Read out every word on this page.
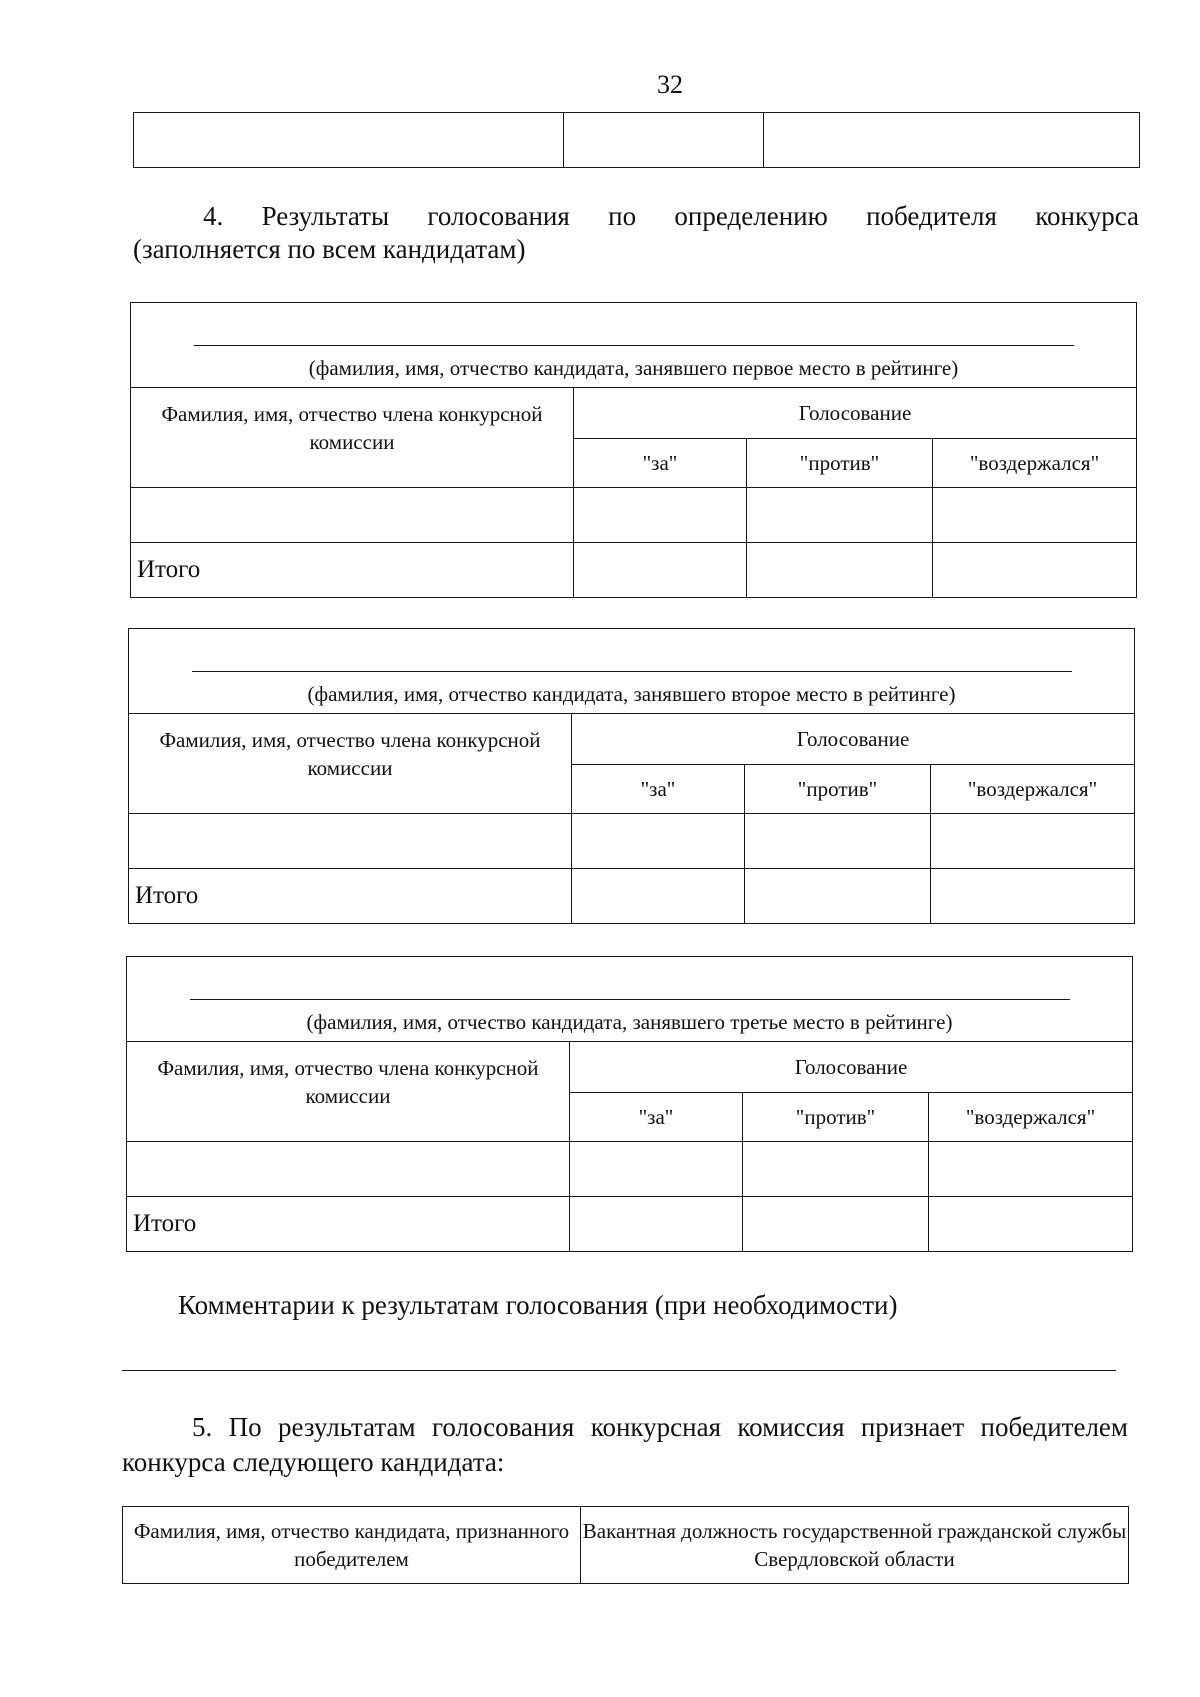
32

4. Результаты голосования по определению победителя конкурса
(заполняется по всем кандидатам)
(фамилия, имя, отчество кандидата, занявшего первое место в рейтинге)			
Фамилия, имя, отчество члена конкурсной комиссии	Голосование		
	"за"	"против"	"воздержался"

Итого			
(фамилия, имя, отчество кандидата, занявшего второе место в рейтинге)			
Фамилия, имя, отчество члена конкурсной комиссии	Голосование		
	"за"	"против"	"воздержался"

Итого			
(фамилия, имя, отчество кандидата, занявшего третье место в рейтинге)			
Фамилия, имя, отчество члена конкурсной комиссии	Голосование		
	"за"	"против"	"воздержался"

Итого			
Комментарии к результатам голосования (при необходимости)
5. По результатам голосования конкурсная комиссия признает победителем
конкурса следующего кандидата:
Фамилия, имя, отчество кандидата, признанного победителем	Вакантная должность государственной гражданской службы Свердловской области
